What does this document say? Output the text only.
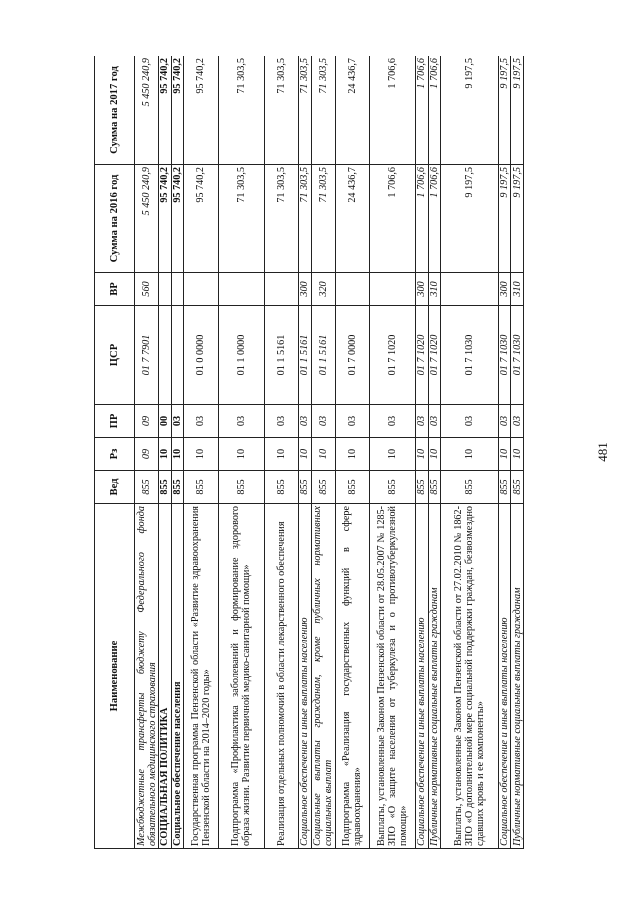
481
Наименование	Вед	Рз	ПР	ЦСР	ВР	Сумма на 2016 год	Сумма на 2017 год
Межбюджетные трансферты бюджету Федерального фонда обязательного медицинского страхования	855	09	09	01 7 7901	560	5 450 240,9	5 450 240,9
СОЦИАЛЬНАЯ ПОЛИТИКА	855	10	00			95 740,2	95 740,2
Социальное обеспечение населения	855	10	03			95 740,2	95 740,2
Государственная программа Пензенской области «Развитие здравоохранения Пензенской области на 2014–2020 годы»	855	10	03	01 0 0000		95 740,2	95 740,2
Подпрограмма «Профилактика заболеваний и формирование здорового образа жизни. Развитие первичной медико-санитарной помощи»	855	10	03	01 1 0000		71 303,5	71 303,5
Реализация отдельных полномочий в области лекарственного обеспечения	855	10	03	01 1 5161		71 303,5	71 303,5
Социальное обеспечение и иные выплаты населению	855	10	03	01 1 5161	300	71 303,5	71 303,5
Социальные выплаты гражданам, кроме публичных нормативных социальных выплат	855	10	03	01 1 5161	320	71 303,5	71 303,5
Подпрограмма «Реализация государственных функций в сфере здравоохранения»	855	10	03	01 7 0000		24 436,7	24 436,7
Выплаты, установленные Законом Пензенской области от 28.05.2007 № 1285-ЗПО «О защите населения от туберкулеза и о противотуберкулезной помощи»	855	10	03	01 7 1020		1 706,6	1 706,6
Социальное обеспечение и иные выплаты населению	855	10	03	01 7 1020	300	1 706,6	1 706,6
Публичные нормативные социальные выплаты гражданам	855	10	03	01 7 1020	310	1 706,6	1 706,6
Выплаты, установленные Законом Пензенской области от 27.02.2010 № 1862-ЗПО «О дополнительной мере социальной поддержки граждан, безвозмездно сдавших кровь и ее компоненты»	855	10	03	01 7 1030		9 197,5	9 197,5
Социальное обеспечение и иные выплаты населению	855	10	03	01 7 1030	300	9 197,5	9 197,5
Публичные нормативные социальные выплаты гражданам	855	10	03	01 7 1030	310	9 197,5	9 197,5
